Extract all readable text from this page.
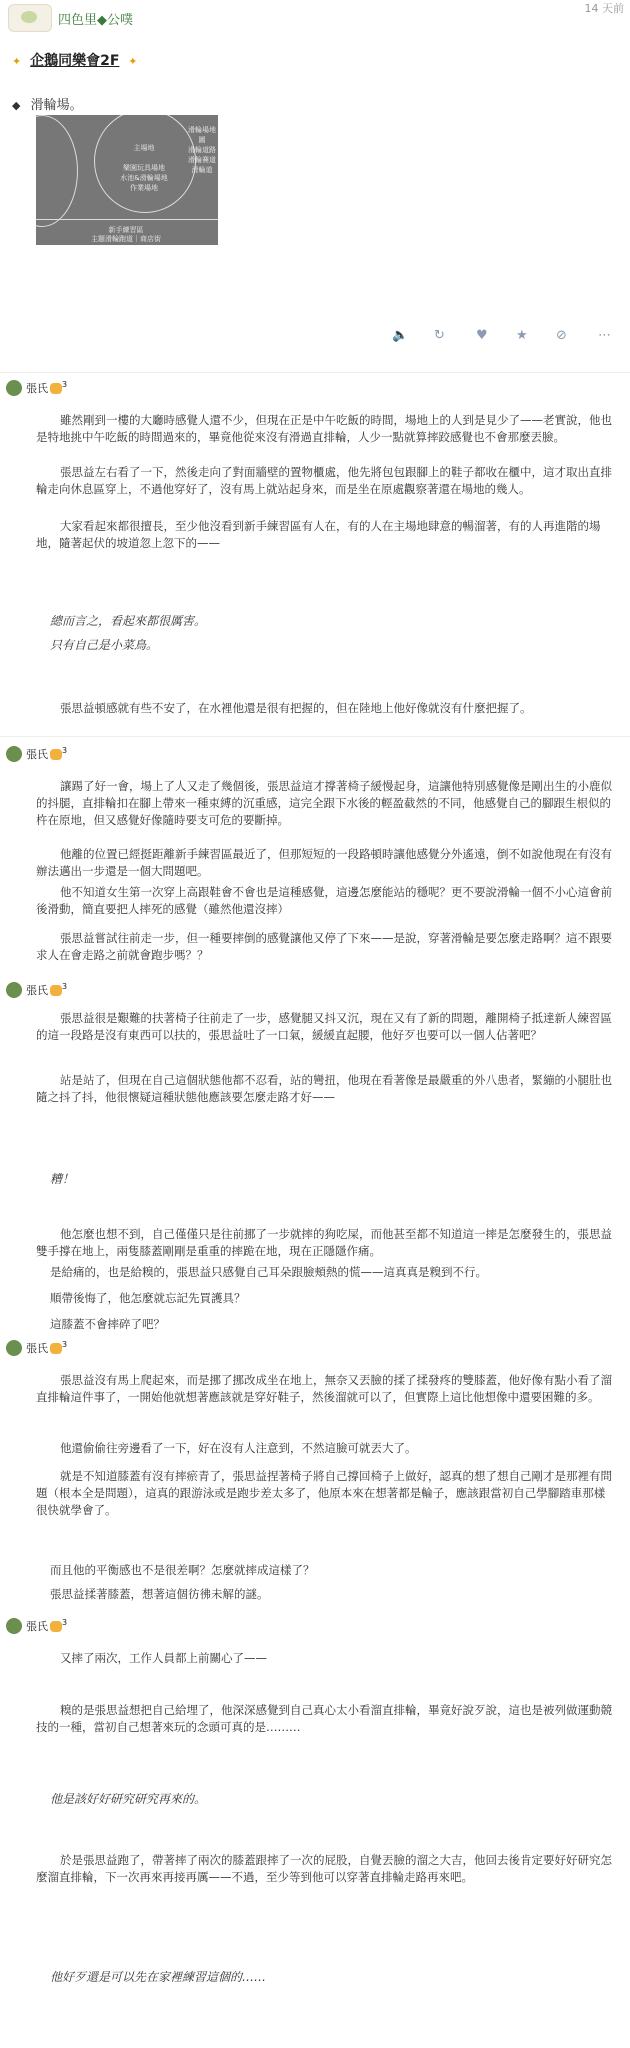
四色里◆公噗
14 天前
✦ 企鵝同樂會2F ✦
◆ 滑輪場。
主場地
樂園玩具場地
水池&滑輪場地
作業場地
滑輪場地圖
滑輪道路
滑輪賽道
滑輪道
新手練習區
主題滑輪跑道｜商店街
🔈 ↻ ♥ ★ ⊘ ⋯
張氏 $^3$
雖然剛到一樓的大廳時感覺人還不少，但現在正是中午吃飯的時間，場地上的人到是見少了——老實說，他也是特地挑中午吃飯的時間過來的，畢竟他從來沒有滑過直排輪，人少一點就算摔跤感覺也不會那麼丟臉。
張思益左右看了一下，然後走向了對面牆壁的置物櫃處，他先將包包跟腳上的鞋子都收在櫃中，這才取出直排輪走向休息區穿上，不過他穿好了，沒有馬上就站起身來，而是坐在原處觀察著還在場地的幾人。
大家看起來都很擅長，至少他沒看到新手練習區有人在，有的人在主場地肆意的暢溜著，有的人再進階的場地，隨著起伏的坡道忽上忽下的——
總而言之，看起來都很厲害。
只有自己是小菜鳥。
張思益頓感就有些不安了，在水裡他還是很有把握的，但在陸地上他好像就沒有什麼把握了。
張氏 $^3$
讓踢了好一會，場上了人又走了幾個後，張思益這才撐著椅子緩慢起身，這讓他特別感覺像是剛出生的小鹿似的抖腿，直排輪扣在腳上帶來一種束縛的沉重感，這完全跟下水後的輕盈截然的不同，他感覺自己的腳跟生根似的杵在原地，但又感覺好像隨時要支可危的要斷掉。
他離的位置已經挺距離新手練習區最近了，但那短短的一段路頓時讓他感覺分外遙遠，倒不如說他現在有沒有辦法邁出一步還是一個大問題吧。
他不知道女生第一次穿上高跟鞋會不會也是這種感覺，這邊怎麼能站的穩呢？更不要說滑輪一個不小心這會前後滑動，簡直要把人摔死的感覺（雖然他還沒摔）
張思益嘗試往前走一步，但一種要摔倒的感覺讓他又停了下來——是說，穿著滑輪是要怎麼走路啊？這不跟要求人在會走路之前就會跑步嗎？？
張氏 $^3$
張思益很是艱難的扶著椅子往前走了一步，感覺腿又抖又沉，現在又有了新的問題，離開椅子抵達新人練習區的這一段路是沒有東西可以扶的，張思益吐了一口氣，緩緩直起腰，他好歹也要可以一個人佔著吧？
站是站了，但現在自己這個狀態他都不忍看，站的彎扭，他現在看著像是最嚴重的外八患者，緊繃的小腿肚也隨之抖了抖，他很懷疑這種狀態他應該要怎麼走路才好——
糟！
他怎麼也想不到，自己僅僅只是往前挪了一步就摔的狗吃屎，而他甚至都不知道這一摔是怎麼發生的，張思益雙手撐在地上，兩隻膝蓋剛剛是重重的摔跪在地，現在正隱隱作痛。
是給痛的，也是給糗的，張思益只感覺自己耳朵跟臉頰熱的慌——這真真是糗到不行。
順帶後悔了，他怎麼就忘記先買護具？
這膝蓋不會摔碎了吧？
張氏 $^3$
張思益沒有馬上爬起來，而是挪了挪改成坐在地上，無奈又丟臉的揉了揉發疼的雙膝蓋，他好像有點小看了溜直排輪這件事了，一開始他就想著應該就是穿好鞋子，然後溜就可以了，但實際上這比他想像中還要困難的多。
他還偷偷往旁邊看了一下，好在沒有人注意到，不然這臉可就丟大了。
就是不知道膝蓋有沒有摔瘀青了，張思益捏著椅子將自己撐回椅子上做好，認真的想了想自己剛才是那裡有問題（根本全是問題），這真的跟游泳或是跑步差太多了，他原本來在想著都是輪子，應該跟當初自己學腳踏車那樣很快就學會了。
而且他的平衡感也不是很差啊？怎麼就摔成這樣了？
張思益揉著膝蓋，想著這個彷彿未解的謎。
張氏 $^3$
又摔了兩次，工作人員都上前關心了——
糗的是張思益想把自己給埋了，他深深感覺到自己真心太小看溜直排輪，畢竟好說歹說，這也是被列做運動競技的一種，當初自己想著來玩的念頭可真的是………
他是該好好研究研究再來的。
於是張思益跑了，帶著摔了兩次的膝蓋跟摔了一次的屁股，自覺丟臉的溜之大吉，他回去後肯定要好好研究怎麼溜直排輪，下一次再來再接再厲——不過，至少等到他可以穿著直排輪走路再來吧。
他好歹還是可以先在家裡練習這個的……
